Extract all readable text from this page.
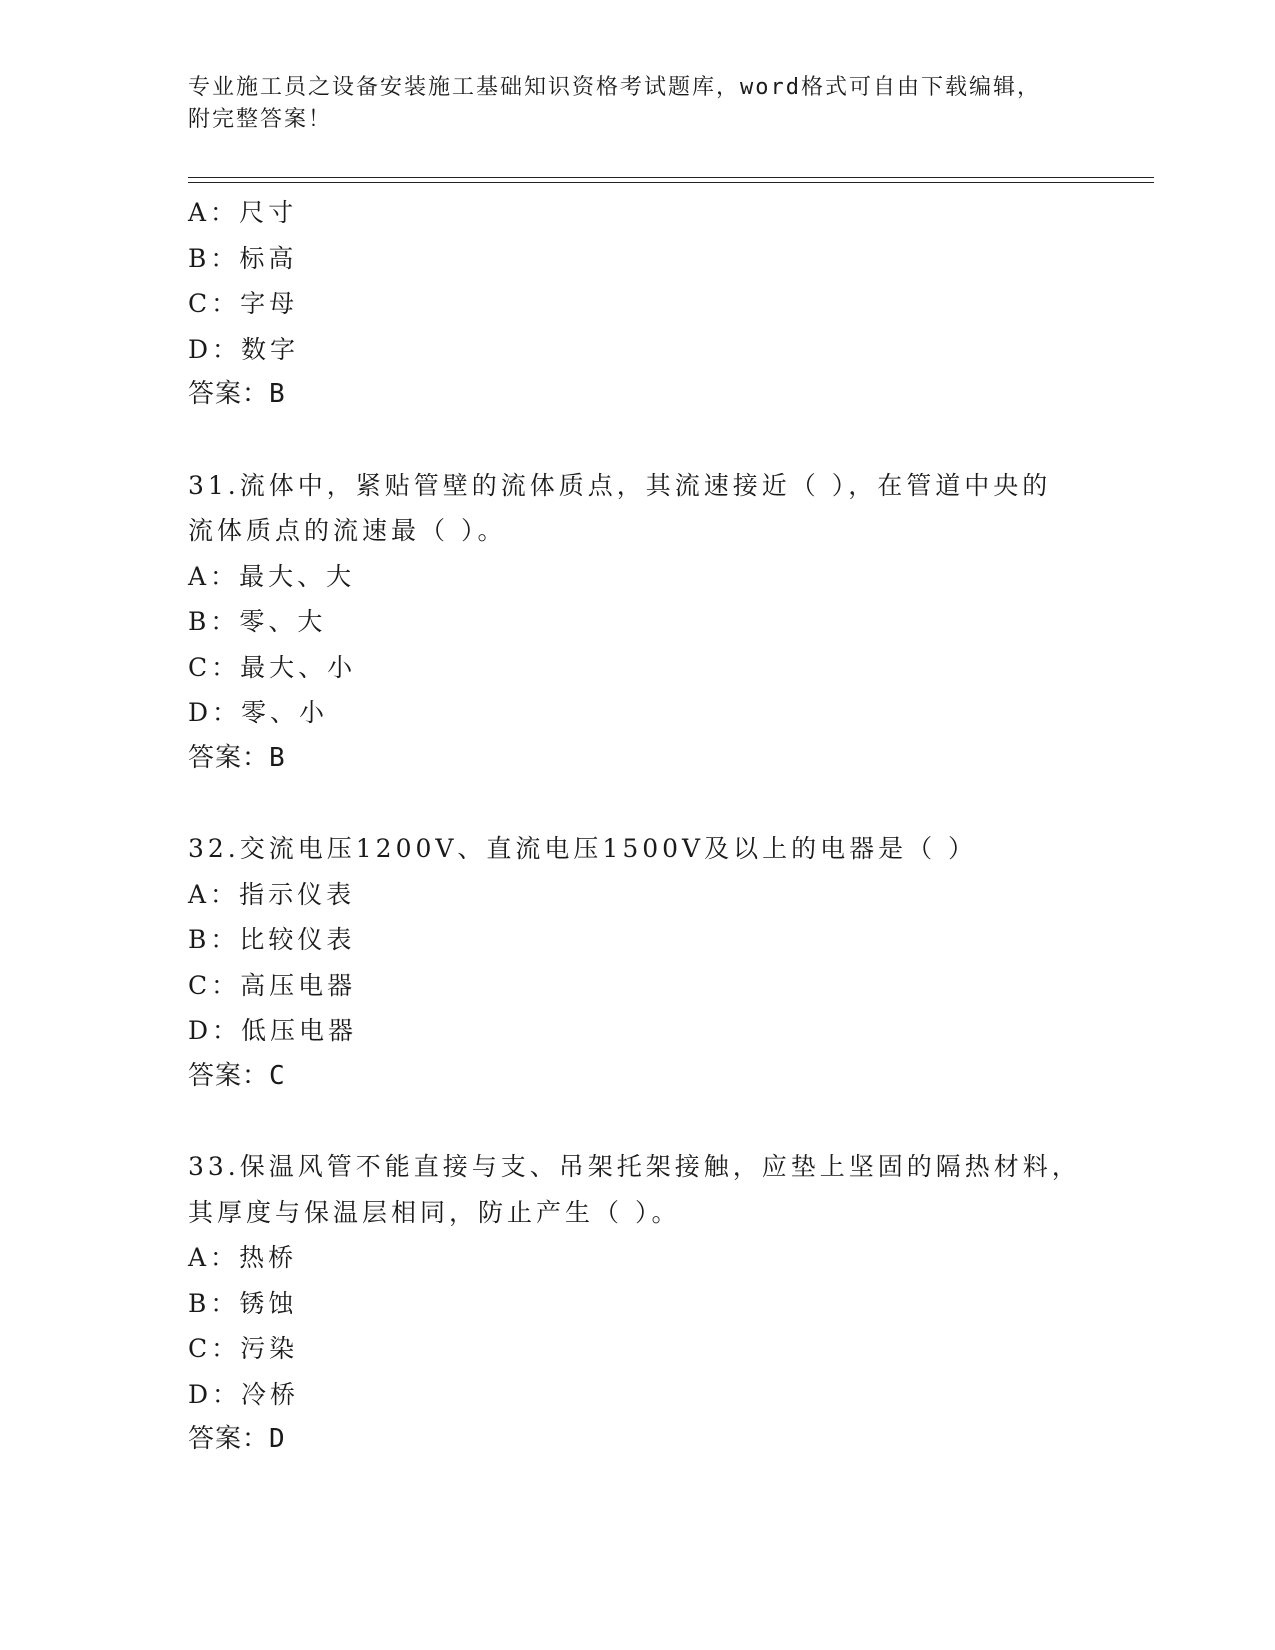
专业施工员之设备安装施工基础知识资格考试题库，word格式可自由下载编辑，
附完整答案！
A：尺寸
B：标高
C：字母
D：数字
答案：B
31.流体中，紧贴管壁的流体质点，其流速接近（ ），在管道中央的
流体质点的流速最（ ）。
A：最大、大
B：零、大
C：最大、小
D：零、小
答案：B
32.交流电压1200V、直流电压1500V及以上的电器是（ ）
A：指示仪表
B：比较仪表
C：高压电器
D：低压电器
答案：C
33.保温风管不能直接与支、吊架托架接触，应垫上坚固的隔热材料，
其厚度与保温层相同，防止产生（ ）。
A：热桥
B：锈蚀
C：污染
D：冷桥
答案：D
